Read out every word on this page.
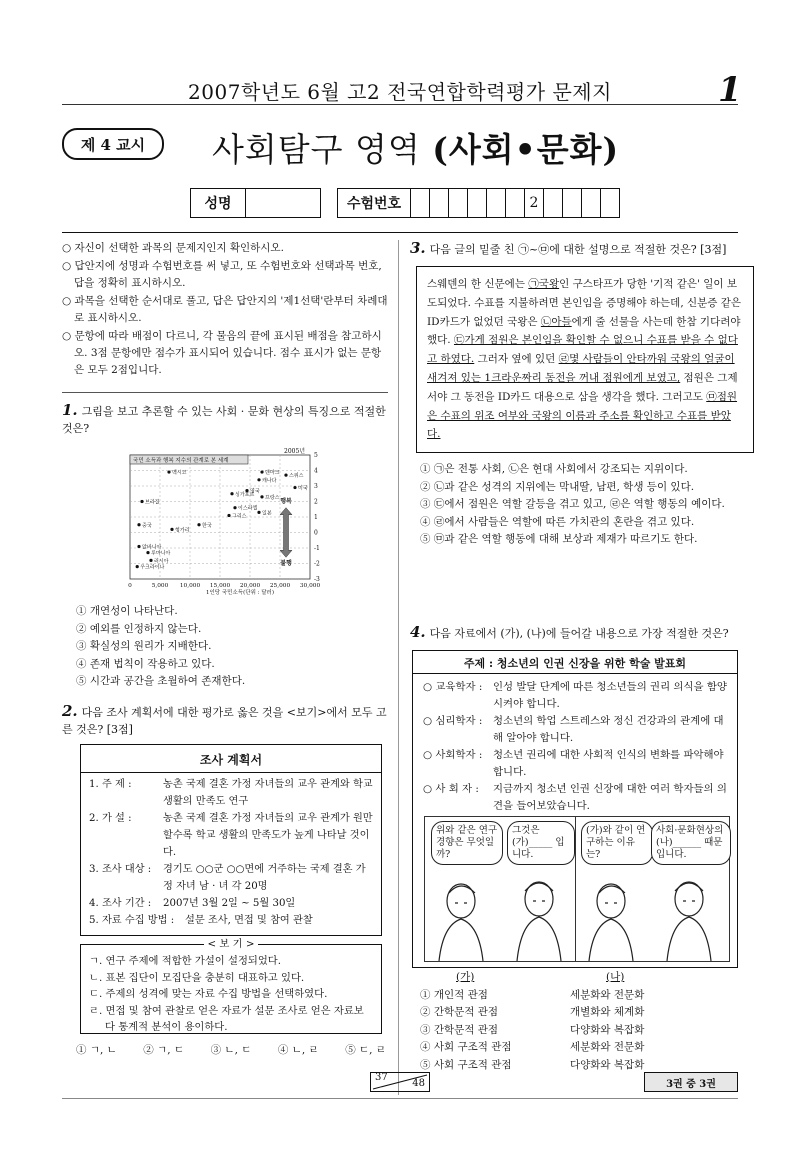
2007학년도 6월 고2 전국연합학력평가 문제지	1
제 4 교시	사회탐구 영역 (사회•문화)
성명			수험번호							2				

○ 자신이 선택한 과목의 문제지인지 확인하시오.

○ 답안지에 성명과 수험번호를 써 넣고, 또 수험번호와 선택과목 번호, 답을 정확히 표시하시오.

○ 과목을 선택한 순서대로 풀고, 답은 답안지의 '제1선택'란부터 차례대로 표시하시오.

○ 문항에 따라 배점이 다르니, 각 물음의 끝에 표시된 배점을 참고하시오. 3점 문항에만 점수가 표시되어 있습니다. 점수 표시가 없는 문항은 모두 2점입니다.

1. 그림을 보고 추론할 수 있는 사회 · 문화 현상의 특징으로 적절한 것은?
국민 소득과 행복 지수의 관계로 본 세계
2005년
5
4
3
2
1
0
-1
-2
-3
0	5,000 10,000 15,000 20,000 25,000 30,000
1인당 국민소득(단위 : 달러)
멕시코	덴마크
스위스
캐나다
영국
싱가포르
미국
브라질
프랑스
이스라엘
그리스
일본
중국	한국
헝가리
알바니아
루마니아
러시아
우크라이나
행복
불행
① 개연성이 나타난다.
② 예외를 인정하지 않는다.
③ 확실성의 원리가 지배한다.
④ 존재 법칙이 작용하고 있다.
⑤ 시간과 공간을 초월하여 존재한다.
2. 다음 조사 계획서에 대한 평가로 옳은 것을 <보기>에서 모두 고른 것은? [3점]
조사 계획서
1. 주 제 :	농촌 국제 결혼 가정 자녀들의 교우 관계와 학교 생활의 만족도 연구
2. 가 설 :	농촌 국제 결혼 가정 자녀들의 교우 관계가 원만할수록 학교 생활의 만족도가 높게 나타날 것이다.
3. 조사 대상 : 경기도 ○○군 ○○면에 거주하는 국제 결혼 가정 자녀 남 · 녀 각 20명
4. 조사 기간 : 2007년 3월 2일 ~ 5월 30일
5. 자료 수집 방법 : 설문 조사, 면접 및 참여 관찰
< 보 기 >
ㄱ. 연구 주제에 적합한 가설이 설정되었다.
ㄴ. 표본 집단이 모집단을 충분히 대표하고 있다.
ㄷ. 주제의 성격에 맞는 자료 수집 방법을 선택하였다.
ㄹ. 면접 및 참여 관찰로 얻은 자료가 설문 조사로 얻은 자료보다 통계적 분석이 용이하다.
① ㄱ, ㄴ	② ㄱ, ㄷ	③ ㄴ, ㄷ	④ ㄴ, ㄹ	⑤ ㄷ, ㄹ
3. 다음 글의 밑줄 친 ㉠~㉤에 대한 설명으로 적절한 것은? [3점]
스웨덴의 한 신문에는 ㉠국왕인 구스타프가 당한 '기적 같은' 일이 보도되었다. 수표를 지불하려면 본인임을 증명해야 하는데, 신분증 같은 ID카드가 없었던 국왕은 ㉡아들에게 줄 선물을 사는데 한참 기다려야 했다. ㉢가게 점원은 본인임을 확인할 수 없으니 수표를 받을 수 없다고 하였다. 그러자 옆에 있던 ㉣몇 사람들이 안타까워 국왕의 얼굴이 새겨져 있는 1크라운짜리 동전을 꺼내 점원에게 보였고, 점원은 그제서야 그 동전을 ID카드 대용으로 삼을 생각을 했다. 그러고도 ㉤점원은 수표의 위조 여부와 국왕의 이름과 주소를 확인하고 수표를 받았다.
① ㉠은 전통 사회, ㉡은 현대 사회에서 강조되는 지위이다.
② ㉡과 같은 성격의 지위에는 막내딸, 남편, 학생 등이 있다.
③ ㉢에서 점원은 역할 갈등을 겪고 있고, ㉣은 역할 행동의 예이다.
④ ㉣에서 사람들은 역할에 따른 가치관의 혼란을 겪고 있다.
⑤ ㉤과 같은 역할 행동에 대해 보상과 제재가 따르기도 한다.
4. 다음 자료에서 (가), (나)에 들어갈 내용으로 가장 적절한 것은?
주제 : 청소년의 인권 신장을 위한 학술 발표회
○ 교육학자 : 인성 발달 단계에 따른 청소년들의 권리 의식을 함양시켜야 합니다.
○ 심리학자 : 청소년의 학업 스트레스와 정신 건강과의 관계에 대해 알아야 합니다.
○ 사회학자 : 청소년 권리에 대한 사회적 인식의 변화를 파악해야 합니다.
○ 사 회 자 : 지금까지 청소년 인권 신장에 대한 여러 학자들의 의견을 들어보았습니다.
위와 같은 연구 경향은 무엇일까?
그것은 (가)_____ 입니다.
(가)와 같이 연구하는 이유는?
사회·문화현상의 (나)______ 때문입니다.
(가)	(나)
① 개인적 관점	세분화와 전문화
② 간학문적 관점	개별화와 체계화
③ 간학문적 관점	다양화와 복잡화
④ 사회 구조적 관점	세분화와 전문화
⑤ 사회 구조적 관점	다양화와 복잡화
37
48	3권 중 3권
